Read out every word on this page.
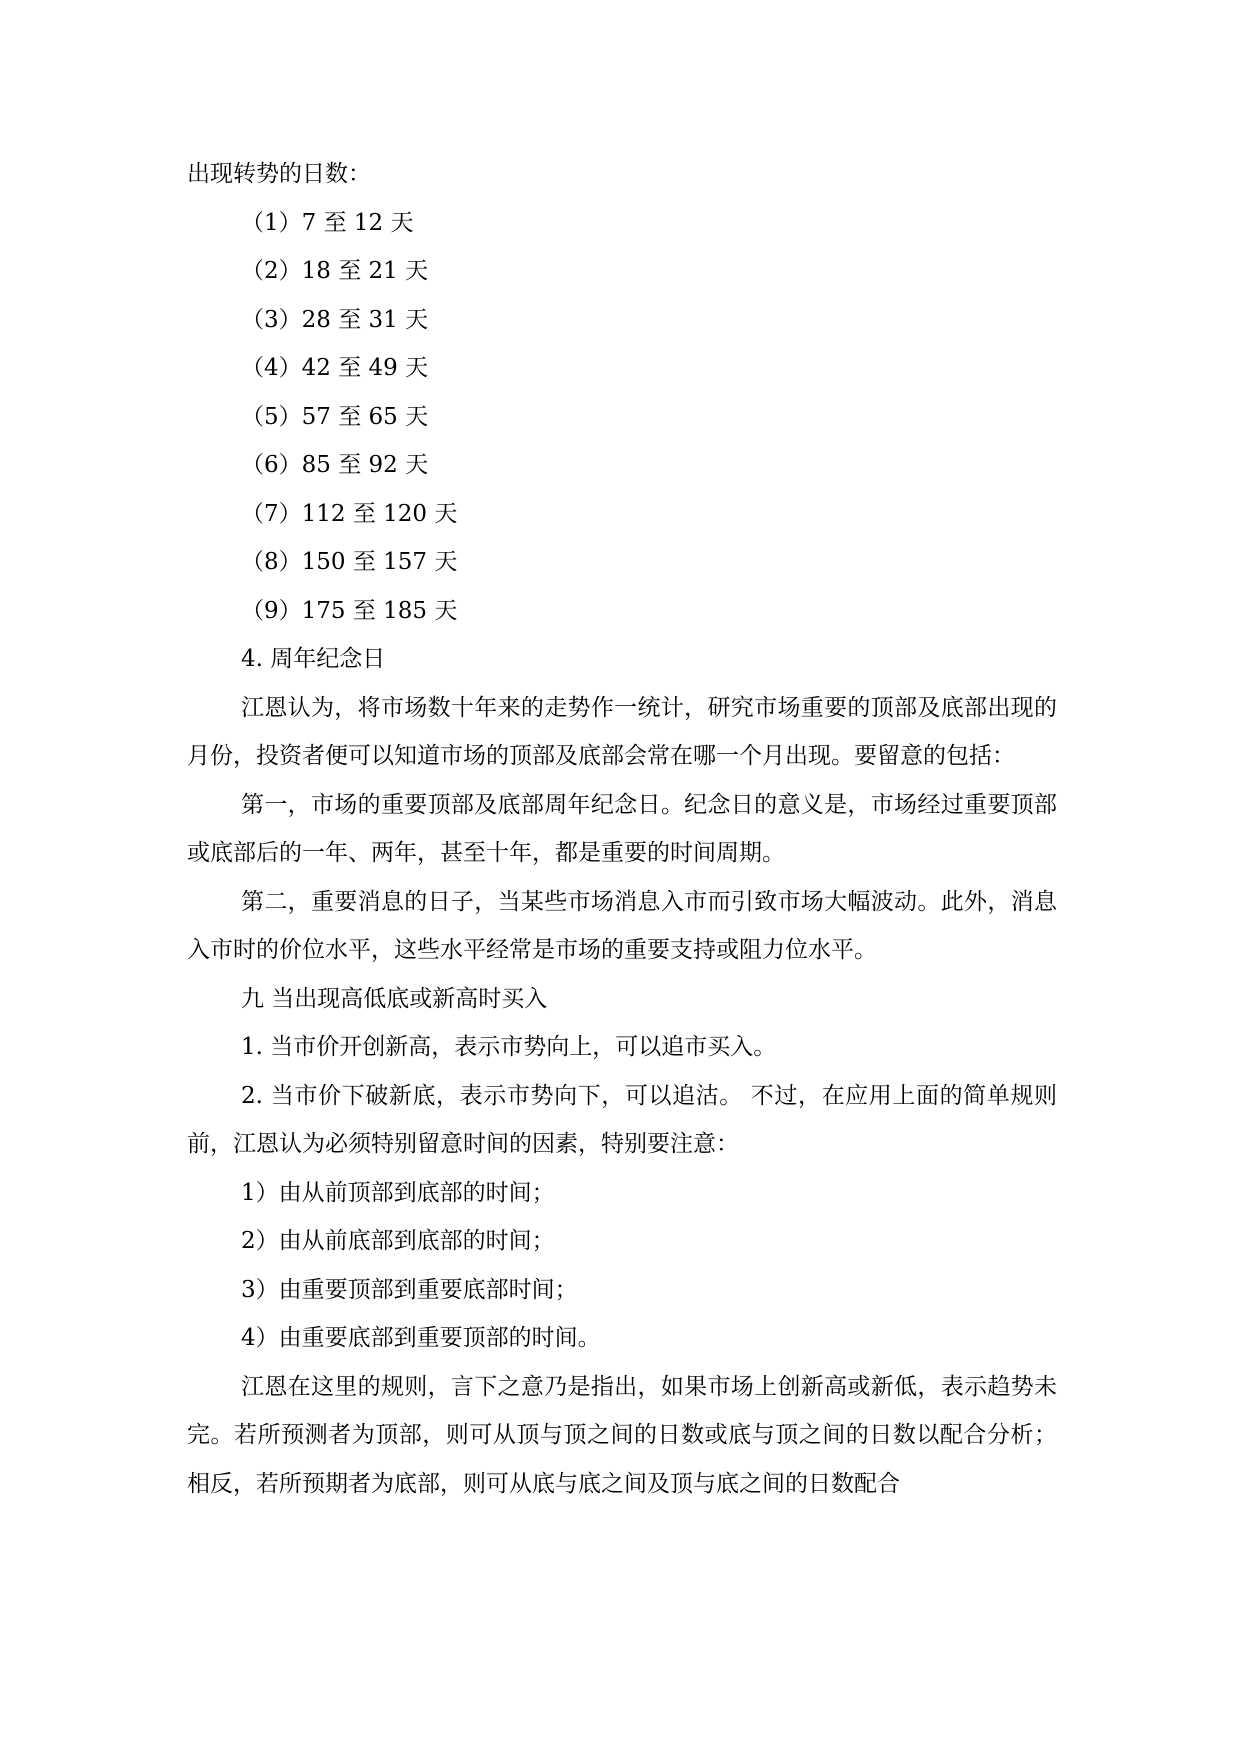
出现转势的日数：
（1）7 至 12 天
（2）18 至 21 天
（3）28 至 31 天
（4）42 至 49 天
（5）57 至 65 天
（6）85 至 92 天
（7）112 至 120 天
（8）150 至 157 天
（9）175 至 185 天
4. 周年纪念日

江恩认为，将市场数十年来的走势作一统计，研究市场重要的顶部及底部出现的月份，投资者便可以知道市场的顶部及底部会常在哪一个月出现。要留意的包括：

第一，市场的重要顶部及底部周年纪念日。纪念日的意义是，市场经过重要顶部或底部后的一年、两年，甚至十年，都是重要的时间周期。

第二，重要消息的日子，当某些市场消息入市而引致市场大幅波动。此外，消息入市时的价位水平，这些水平经常是市场的重要支持或阻力位水平。

九 当出现高低底或新高时买入
1. 当市价开创新高，表示市势向上，可以追市买入。

2. 当市价下破新底，表示市势向下，可以追沽。 不过，在应用上面的简单规则前，江恩认为必须特别留意时间的因素，特别要注意：

1）由从前顶部到底部的时间；
2）由从前底部到底部的时间；
3）由重要顶部到重要底部时间；
4）由重要底部到重要顶部的时间。

江恩在这里的规则，言下之意乃是指出，如果市场上创新高或新低，表示趋势未完。若所预测者为顶部，则可从顶与顶之间的日数或底与顶之间的日数以配合分析；相反，若所预期者为底部，则可从底与底之间及顶与底之间的日数配合
